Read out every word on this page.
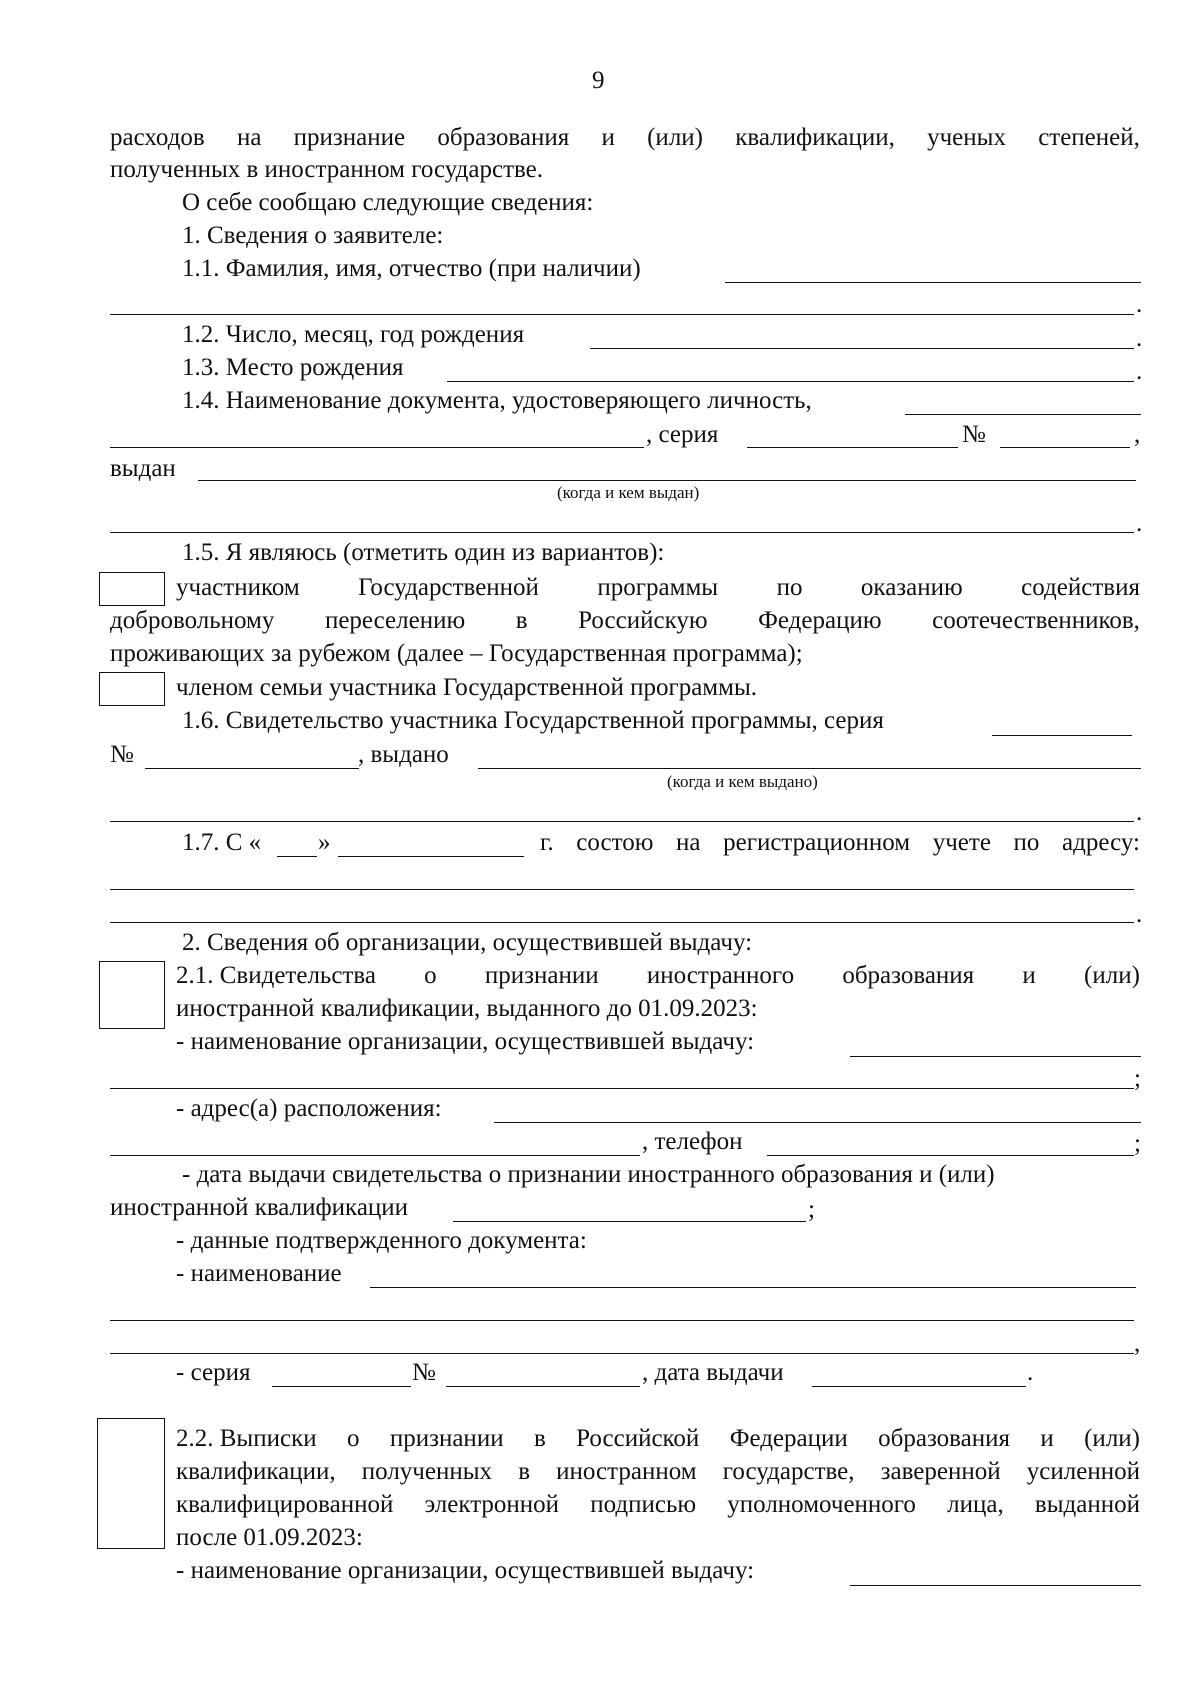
9
расходов на признание образования и (или) квалификации, ученых степеней,
полученных в иностранном государстве.
О себе сообщаю следующие сведения:
1. Сведения о заявителе:
1.1. Фамилия, имя, отчество (при наличии)
.
1.2. Число, месяц, год рождения	.
1.3. Место рождения	.
1.4. Наименование документа, удостоверяющего личность,
, серия	№	,
выдан
(когда и кем выдан)
.
1.5. Я являюсь (отметить один из вариантов):
участником Государственной программы по оказанию содействия
добровольному переселению в Российскую Федерацию соотечественников,
проживающих за рубежом (далее – Государственная программа);
членом семьи участника Государственной программы.
1.6. Свидетельство участника Государственной программы, серия
№	, выдано
(когда и кем выдано)
.
1.7. С « »	г. состою на регистрационном учете по адресу:
.
2. Сведения об организации, осуществившей выдачу:
2.1. Свидетельства о признании иностранного образования и (или)
иностранной квалификации, выданного до 01.09.2023:
- наименование организации, осуществившей выдачу:
;
- адрес(а) расположения:
, телефон	;
- дата выдачи свидетельства о признании иностранного образования и (или)
иностранной квалификации	;
- данные подтвержденного документа:
- наименование
,
- серия	№	, дата выдачи	.
2.2. Выписки о признании в Российской Федерации образования и (или)
квалификации, полученных в иностранном государстве, заверенной усиленной
квалифицированной электронной подписью уполномоченного лица, выданной
после 01.09.2023:
- наименование организации, осуществившей выдачу:
